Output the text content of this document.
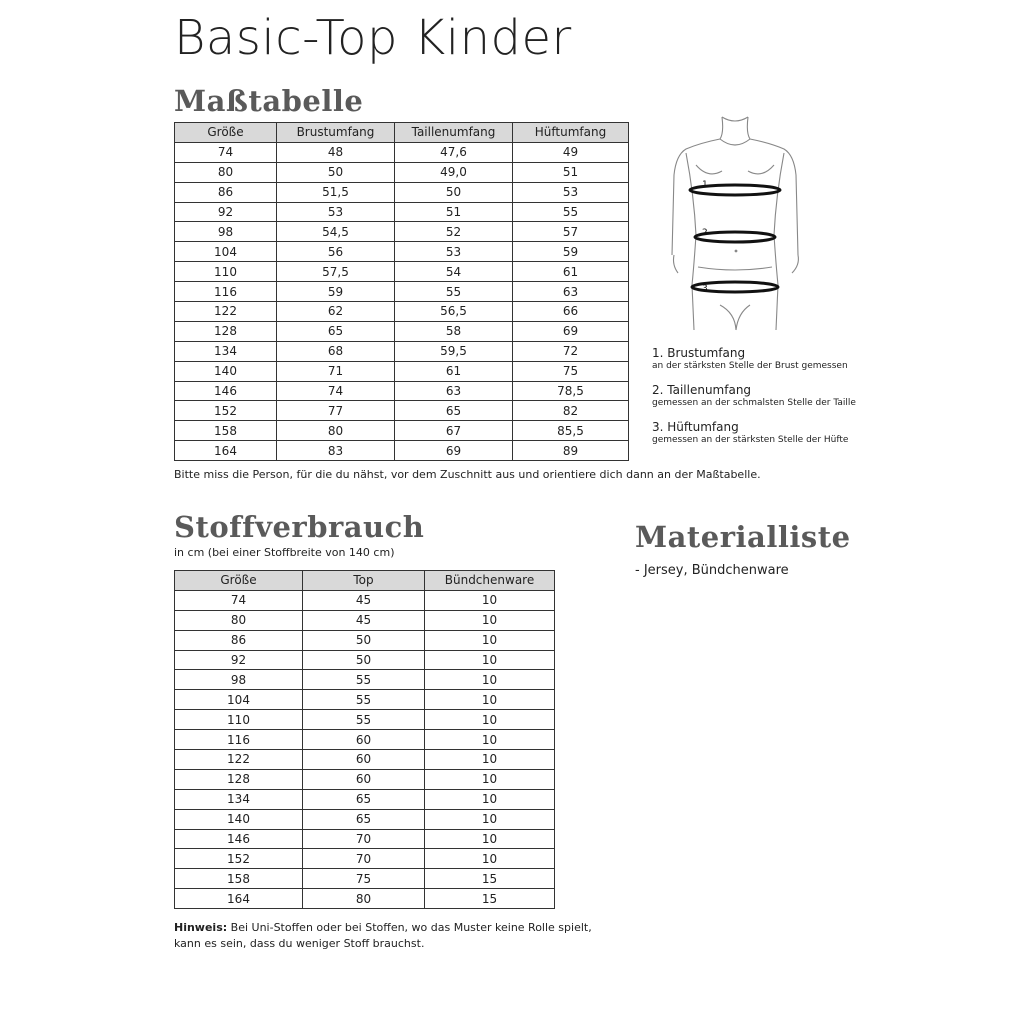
Basic-Top Kinder
Maßtabelle
Größe	Brustumfang	Taillenumfang	Hüftumfang
74	48	47,6	49
80	50	49,0	51
86	51,5	50	53
92	53	51	55
98	54,5	52	57
104	56	53	59
110	57,5	54	61
116	59	55	63
122	62	56,5	66
128	65	58	69
134	68	59,5	72
140	71	61	75
146	74	63	78,5
152	77	65	82
158	80	67	85,5
164	83	69	89
Bitte miss die Person, für die du nähst, vor dem Zuschnitt aus und orientiere dich dann an der Maßtabelle.
1
2
3
1. Brustumfang
an der stärksten Stelle der Brust gemessen
2. Taillenumfang
gemessen an der schmalsten Stelle der Taille
3. Hüftumfang
gemessen an der stärksten Stelle der Hüfte
Stoffverbrauch
in cm (bei einer Stoffbreite von 140 cm)
Größe	Top	Bündchenware
74	45	10
80	45	10
86	50	10
92	50	10
98	55	10
104	55	10
110	55	10
116	60	10
122	60	10
128	60	10
134	65	10
140	65	10
146	70	10
152	70	10
158	75	15
164	80	15
Materialliste
- Jersey, Bündchenware
Hinweis: Bei Uni-Stoffen oder bei Stoffen, wo das Muster keine Rolle spielt, kann es sein, dass du weniger Stoff brauchst.
